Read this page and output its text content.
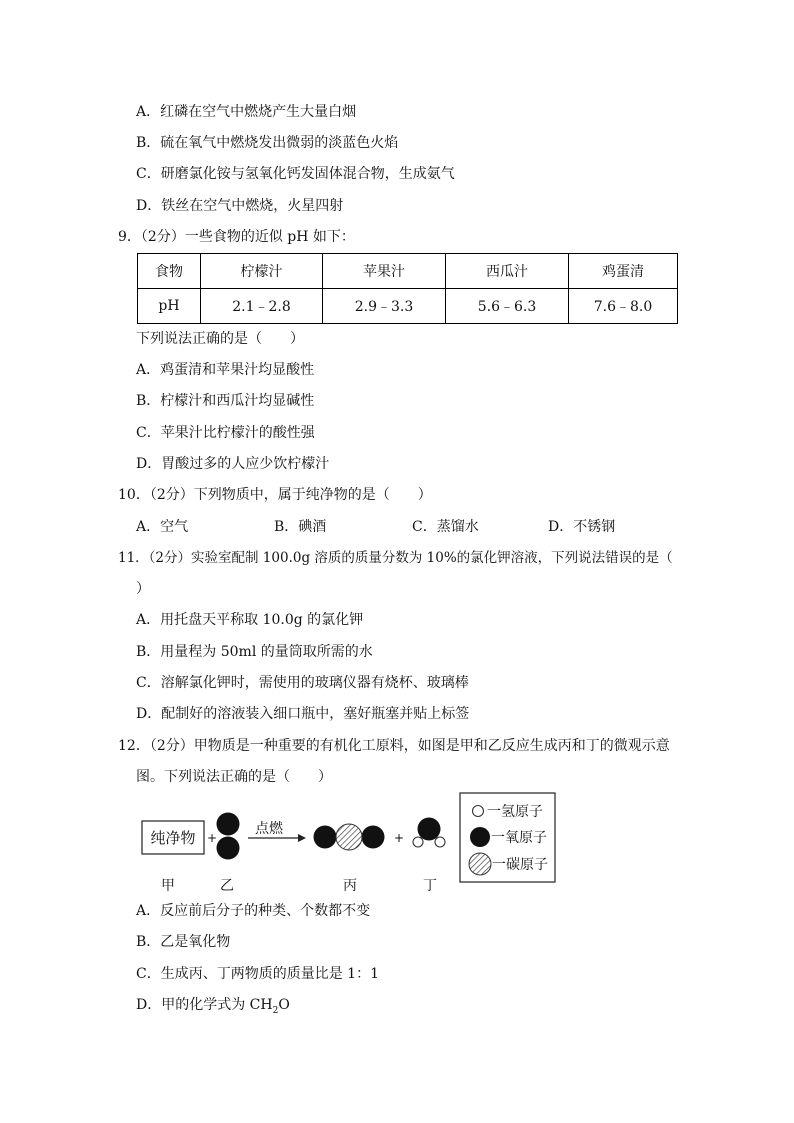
A．红磷在空气中燃烧产生大量白烟
B．硫在氧气中燃烧发出微弱的淡蓝色火焰
C．研磨氯化铵与氢氧化钙发固体混合物，生成氨气
D．铁丝在空气中燃烧，火星四射
9．（2分）一些食物的近似 pH 如下：
食物	柠檬汁	苹果汁	西瓜汁	鸡蛋清
pH	2.1﹣2.8	2.9﹣3.3	5.6﹣6.3	7.6﹣8.0
下列说法正确的是（　　）
A．鸡蛋清和苹果汁均显酸性
B．柠檬汁和西瓜汁均显碱性
C．苹果汁比柠檬汁的酸性强
D．胃酸过多的人应少饮柠檬汁
10．（2分）下列物质中，属于纯净物的是（　　）
A．空气	B．碘酒	C．蒸馏水	D．不锈钢
11．（2分）实验室配制 100.0g 溶质的质量分数为 10%的氯化钾溶液，下列说法错误的是（
）
A．用托盘天平称取 10.0g 的氯化钾
B．用量程为 50ml 的量筒取所需的水
C．溶解氯化钾时，需使用的玻璃仪器有烧杯、玻璃棒
D．配制好的溶液装入细口瓶中，塞好瓶塞并贴上标签
12．（2分）甲物质是一种重要的有机化工原料，如图是甲和乙反应生成丙和丁的微观示意
图。下列说法正确的是（　　）
纯净物 +
点燃
+
甲	乙	丙	丁
一氢原子
一氧原子
一碳原子
A．反应前后分子的种类、个数都不变
B．乙是氧化物
C．生成丙、丁两物质的质量比是 1：1
D．甲的化学式为 $CH_2O$
